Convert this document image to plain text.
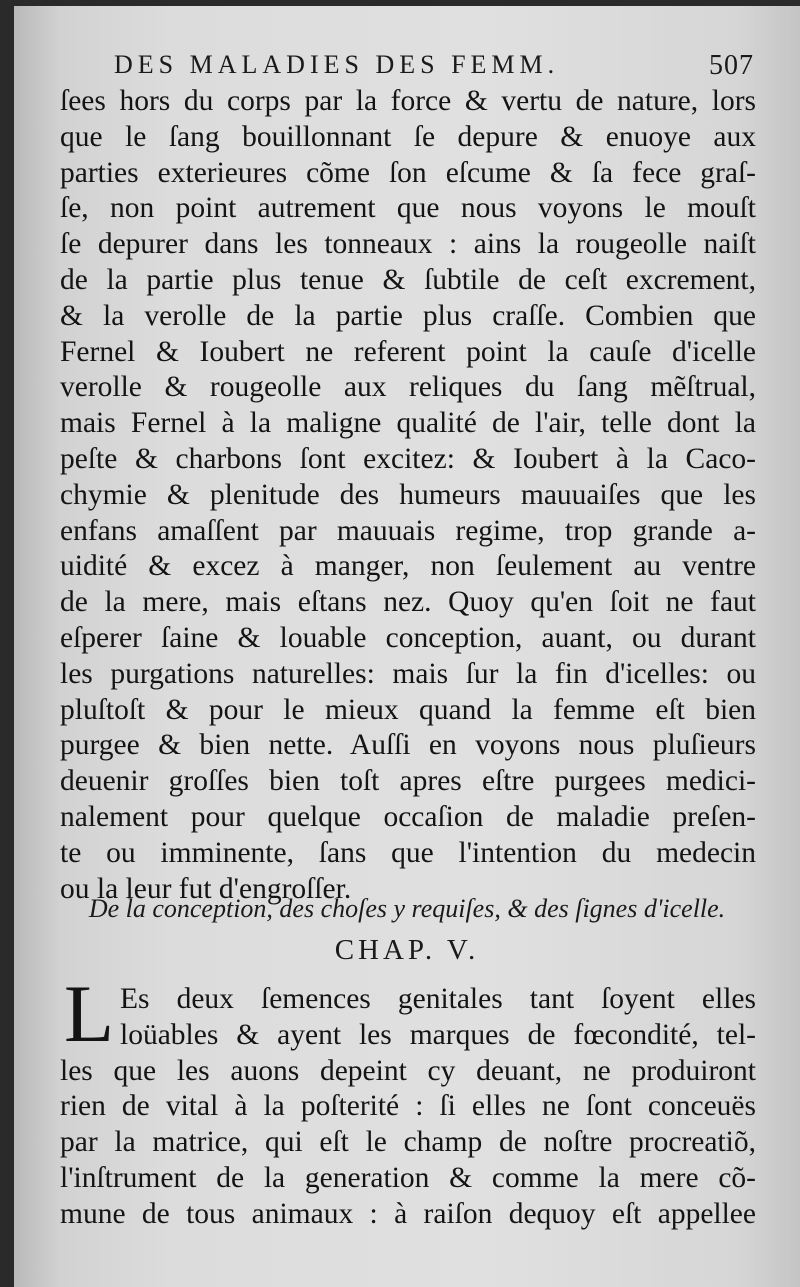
DES MALADIES DES FEMM.	507
ſees hors du corps par la force & vertu de nature, lors
que le ſang bouillonnant ſe depure & enuoye aux
parties exterieures cõme ſon eſcume & ſa fece graſ-
ſe, non point autrement que nous voyons le mouſt
ſe depurer dans les tonneaux : ains la rougeolle naiſt
de la partie plus tenue & ſubtile de ceſt excrement,
& la verolle de la partie plus craſſe. Combien que
Fernel & Ioubert ne referent point la cauſe d'icelle
verolle & rougeolle aux reliques du ſang mẽſtrual,
mais Fernel à la maligne qualité de l'air, telle dont la
peſte & charbons ſont excitez: & Ioubert à la Caco-
chymie & plenitude des humeurs mauuaiſes que les
enfans amaſſent par mauuais regime, trop grande a-
uidité & excez à manger, non ſeulement au ventre
de la mere, mais eſtans nez. Quoy qu'en ſoit ne faut
eſperer ſaine & louable conception, auant, ou durant
les purgations naturelles: mais ſur la fin d'icelles: ou
pluſtoſt & pour le mieux quand la femme eſt bien
purgee & bien nette. Auſſi en voyons nous pluſieurs
deuenir groſſes bien toſt apres eſtre purgees medici-
nalement pour quelque occaſion de maladie preſen-
te ou imminente, ſans que l'intention du medecin
ou la leur fut d'engroſſer.
De la conception, des choſes y requiſes, & des ſignes d'icelle.
CHAP. V.
L Es deux ſemences genitales tant ſoyent elles
loüables & ayent les marques de fœcondité, tel-
les que les auons depeint cy deuant, ne produiront
rien de vital à la poſterité : ſi elles ne ſont conceuës
par la matrice, qui eſt le champ de noſtre procreatiõ,
l'inſtrument de la generation & comme la mere cõ-
mune de tous animaux : à raiſon dequoy eſt appellee
